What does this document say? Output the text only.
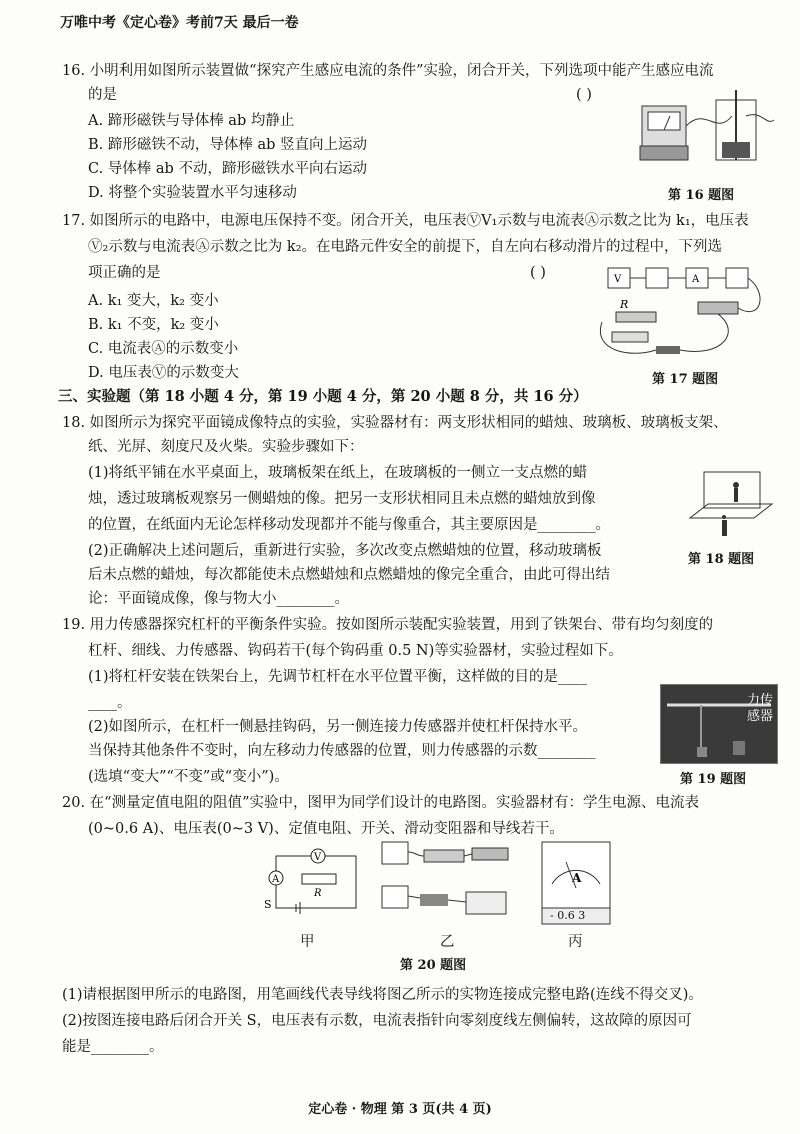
万唯中考《定心卷》考前7天 最后一卷
16. 小明利用如图所示装置做“探究产生感应电流的条件”实验，闭合开关，下列选项中能产生感应电流
的是	( )
A. 蹄形磁铁与导体棒 ab 均静止
B. 蹄形磁铁不动，导体棒 ab 竖直向上运动
C. 导体棒 ab 不动，蹄形磁铁水平向右运动
D. 将整个实验装置水平匀速移动	第 16 题图
17. 如图所示的电路中，电源电压保持不变。闭合开关，电压表ⓋV₁示数与电流表Ⓐ示数之比为 k₁，电压表
Ⓥ₂示数与电流表Ⓐ示数之比为 k₂。在电路元件安全的前提下，自左向右移动滑片的过程中，下列选
项正确的是	( )
A. k₁ 变大，k₂ 变小
B. k₁ 不变，k₂ 变小
C. 电流表Ⓐ的示数变小
D. 电压表Ⓥ的示数变大
V	A
R
第 17 题图
三、实验题（第 18 小题 4 分，第 19 小题 4 分，第 20 小题 8 分，共 16 分）
18. 如图所示为探究平面镜成像特点的实验，实验器材有：两支形状相同的蜡烛、玻璃板、玻璃板支架、
纸、光屏、刻度尺及火柴。实验步骤如下：
(1)将纸平铺在水平桌面上，玻璃板架在纸上，在玻璃板的一侧立一支点燃的蜡
烛，透过玻璃板观察另一侧蜡烛的像。把另一支形状相同且未点燃的蜡烛放到像
的位置，在纸面内无论怎样移动发现都并不能与像重合，其主要原因是________。
(2)正确解决上述问题后，重新进行实验，多次改变点燃蜡烛的位置，移动玻璃板
后未点燃的蜡烛，每次都能使未点燃蜡烛和点燃蜡烛的像完全重合，由此可得出结
论：平面镜成像，像与物大小________。
第 18 题图
19. 用力传感器探究杠杆的平衡条件实验。按如图所示装配实验装置，用到了铁架台、带有均匀刻度的
杠杆、细线、力传感器、钩码若干(每个钩码重 0.5 N)等实验器材，实验过程如下。
(1)将杠杆安装在铁架台上，先调节杠杆在水平位置平衡，这样做的目的是____
____。
(2)如图所示，在杠杆一侧悬挂钩码，另一侧连接力传感器并使杠杆保持水平。
当保持其他条件不变时，向左移动力传感器的位置，则力传感器的示数________
(选填“变大”“不变”或“变小”)。
力传感器
第 19 题图
20. 在“测量定值电阻的阻值”实验中，图甲为同学们设计的电路图。实验器材有：学生电源、电流表
(0~0.6 A)、电压表(0~3 V)、定值电阻、开关、滑动变阻器和导线若干。
V
A
R
S
A
- 0.6 3
甲	乙	丙
第 20 题图
(1)请根据图甲所示的电路图，用笔画线代表导线将图乙所示的实物连接成完整电路(连线不得交叉)。
(2)按图连接电路后闭合开关 S，电压表有示数，电流表指针向零刻度线左侧偏转，这故障的原因可
能是________。
定心卷 · 物理 第 3 页(共 4 页)
